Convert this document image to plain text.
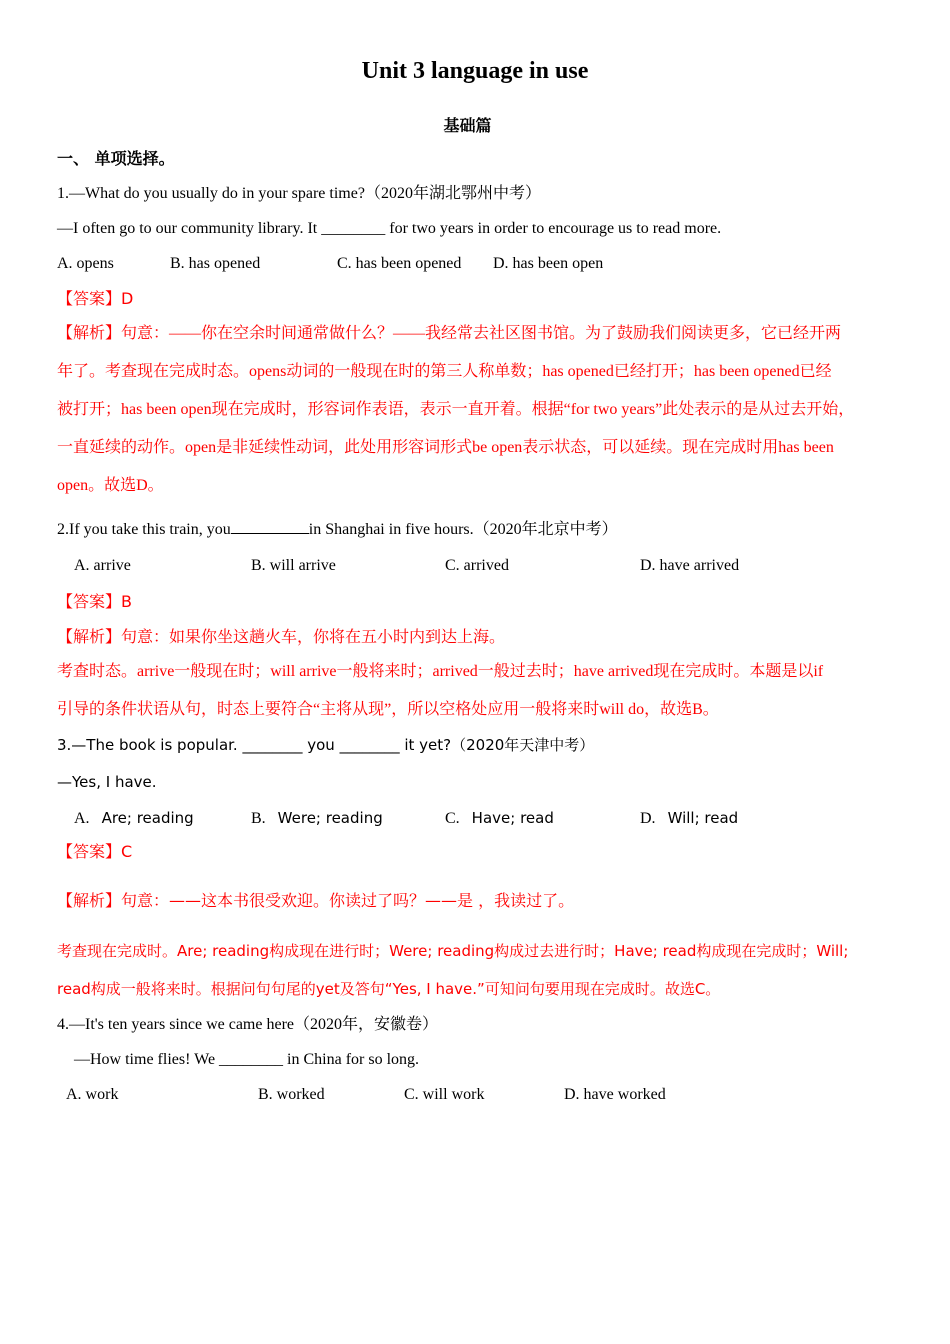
Unit 3 language in use
基础篇
一、 单项选择。
1.—What do you usually do in your spare time?（2020年湖北鄂州中考）
—I often go to our community library. It ________ for two years in order to encourage us to read more.
A. opens	B. has opened	C. has been opened D. has been open
【答案】D
【解析】句意：——你在空余时间通常做什么？——我经常去社区图书馆。为了鼓励我们阅读更多，它已经开两
年了。考查现在完成时态。opens动词的一般现在时的第三人称单数；has opened已经打开；has been opened已经
被打开；has been open现在完成时，形容词作表语，表示一直开着。根据“for two years”此处表示的是从过去开始，
一直延续的动作。open是非延续性动词，此处用形容词形式be open表示状态，可以延续。现在完成时用has been
open。故选D。
2.If you take this train, you	in Shanghai in five hours.（2020年北京中考）
A. arrive	B. will arrive	C. arrived	D. have arrived
【答案】B
【解析】句意：如果你坐这趟火车，你将在五小时内到达上海。
考查时态。arrive一般现在时；will arrive一般将来时；arrived一般过去时；have arrived现在完成时。本题是以if
引导的条件状语从句，时态上要符合“主将从现”，所以空格处应用一般将来时will do，故选B。
3.—The book is popular. ________ you ________ it yet?（2020年天津中考）
—Yes, I have.
A. Are; reading	B. Were; reading	C. Have; read	D. Will; read
【答案】C
【解析】句意：——这本书很受欢迎。你读过了吗？——是 ，我读过了。
考查现在完成时。Are; reading构成现在进行时；Were; reading构成过去进行时；Have; read构成现在完成时；Will;
read构成一般将来时。根据问句句尾的yet及答句“Yes, I have.”可知问句要用现在完成时。故选C。
4.—It's ten years since we came here（2020年，安徽卷）
—How time flies! We ________ in China for so long.
A. work	B. worked	C. will work	D. have worked
